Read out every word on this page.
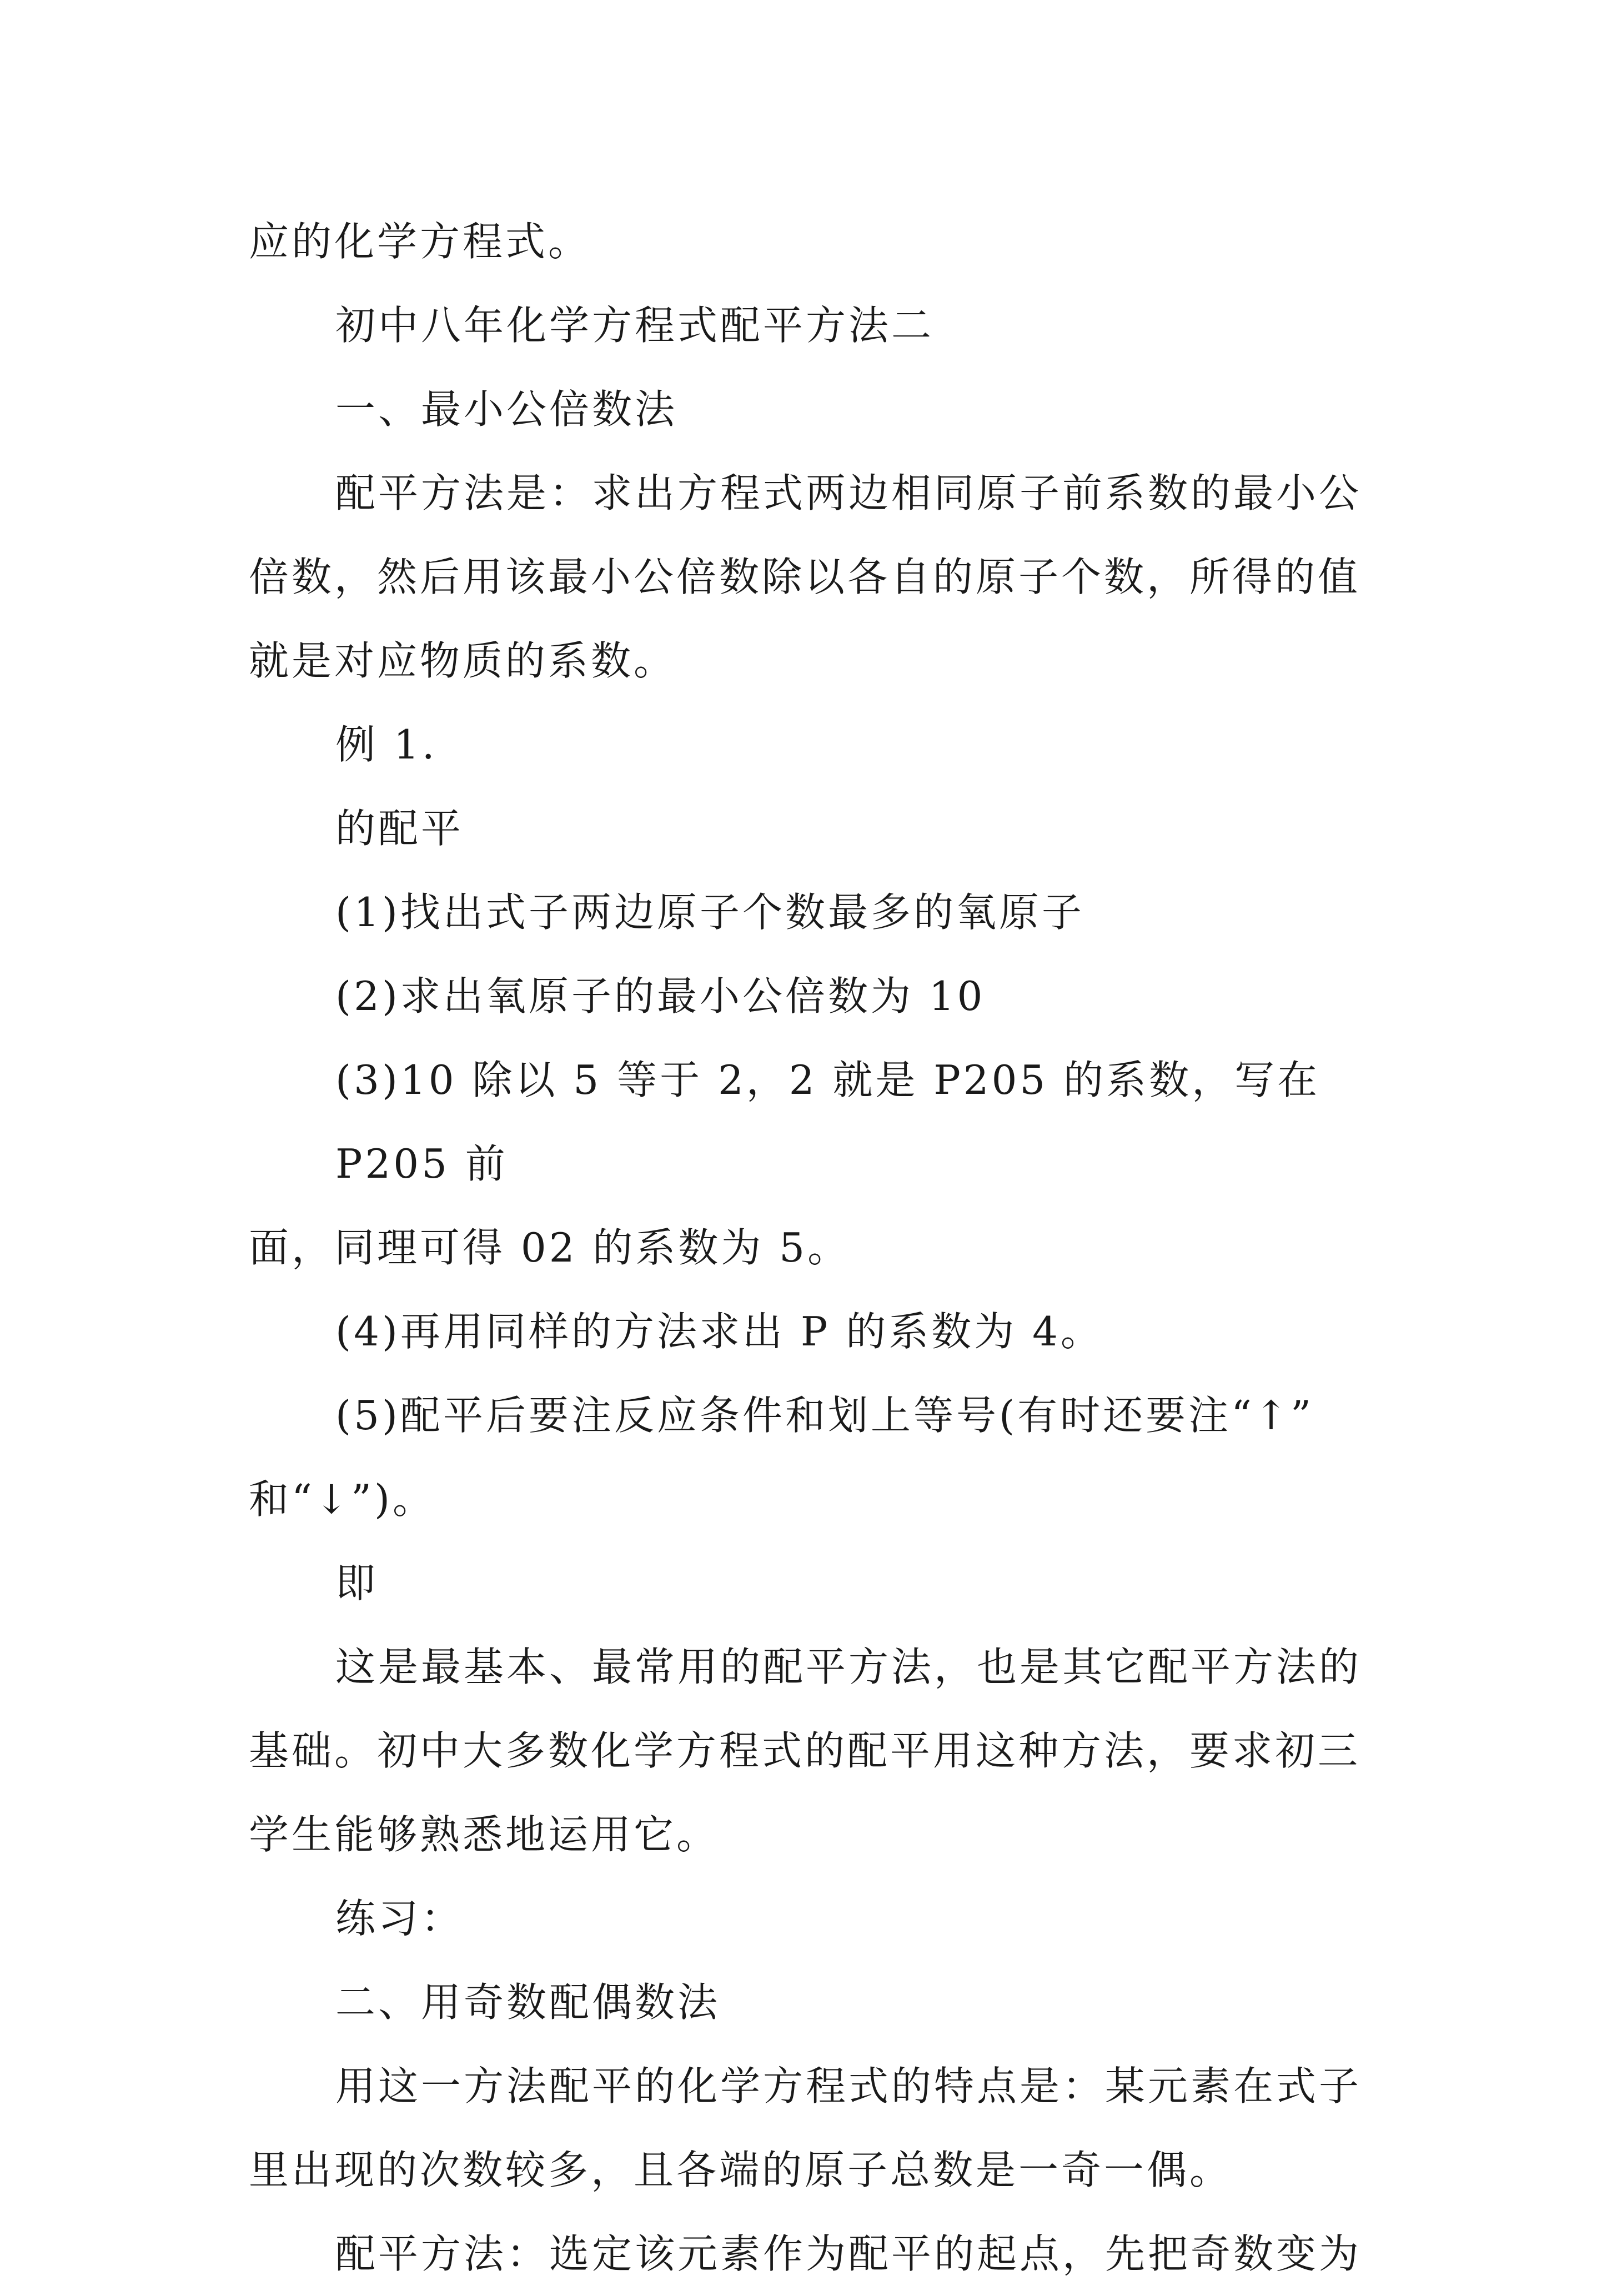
应的化学方程式。

初中八年化学方程式配平方法二

一、最小公倍数法

配平方法是：求出方程式两边相同原子前系数的最小公

倍数，然后用该最小公倍数除以各自的原子个数，所得的值

就是对应物质的系数。

例 1.

的配平

(1)找出式子两边原子个数最多的氧原子

(2)求出氧原子的最小公倍数为 10

(3)10 除以 5 等于 2，2 就是 P205 的系数，写在 P205 前

面，同理可得 02 的系数为 5。

(4)再用同样的方法求出 P 的系数为 4。

(5)配平后要注反应条件和划上等号(有时还要注“↑”

和“↓”)。

即

这是最基本、最常用的配平方法，也是其它配平方法的

基础。初中大多数化学方程式的配平用这种方法，要求初三

学生能够熟悉地运用它。

练习：

二、用奇数配偶数法

用这一方法配平的化学方程式的特点是：某元素在式子

里出现的次数较多，且各端的原子总数是一奇一偶。

配平方法：选定该元素作为配平的起点，先把奇数变为
